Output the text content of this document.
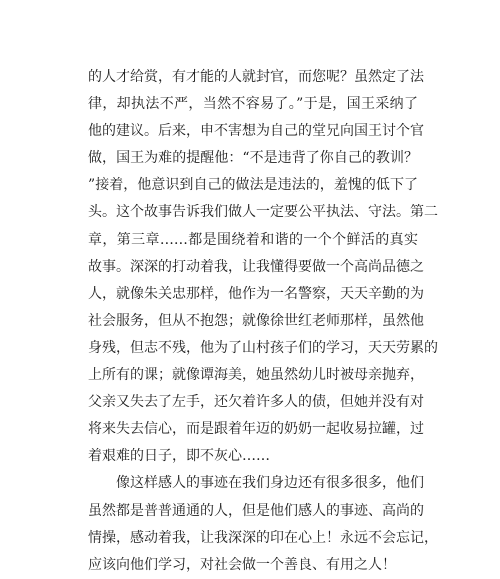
的人才给赏，有才能的人就封官，而您呢？虽然定了法
律，却执法不严，当然不容易了。”于是，国王采纳了
他的建议。后来，申不害想为自己的堂兄向国王讨个官
做，国王为难的提醒他：“不是违背了你自己的教训？
”接着，他意识到自己的做法是违法的，羞愧的低下了
头。这个故事告诉我们做人一定要公平执法、守法。第二
章，第三章……都是围绕着和谐的一个个鲜活的真实
故事。深深的打动着我，让我懂得要做一个高尚品德之
人，就像朱关忠那样，他作为一名警察，天天辛勤的为
社会服务，但从不抱怨；就像徐世红老师那样，虽然他
身残，但志不残，他为了山村孩子们的学习，天天劳累的
上所有的课；就像谭海美，她虽然幼儿时被母亲抛弃，
父亲又失去了左手，还欠着许多人的债，但她并没有对
将来失去信心，而是跟着年迈的奶奶一起收易拉罐，过
着艰难的日子，即不灰心……
像这样感人的事迹在我们身边还有很多很多，他们
虽然都是普普通通的人，但是他们感人的事迹、高尚的
情操，感动着我，让我深深的印在心上！永远不会忘记，
应该向他们学习，对社会做一个善良、有用之人！
